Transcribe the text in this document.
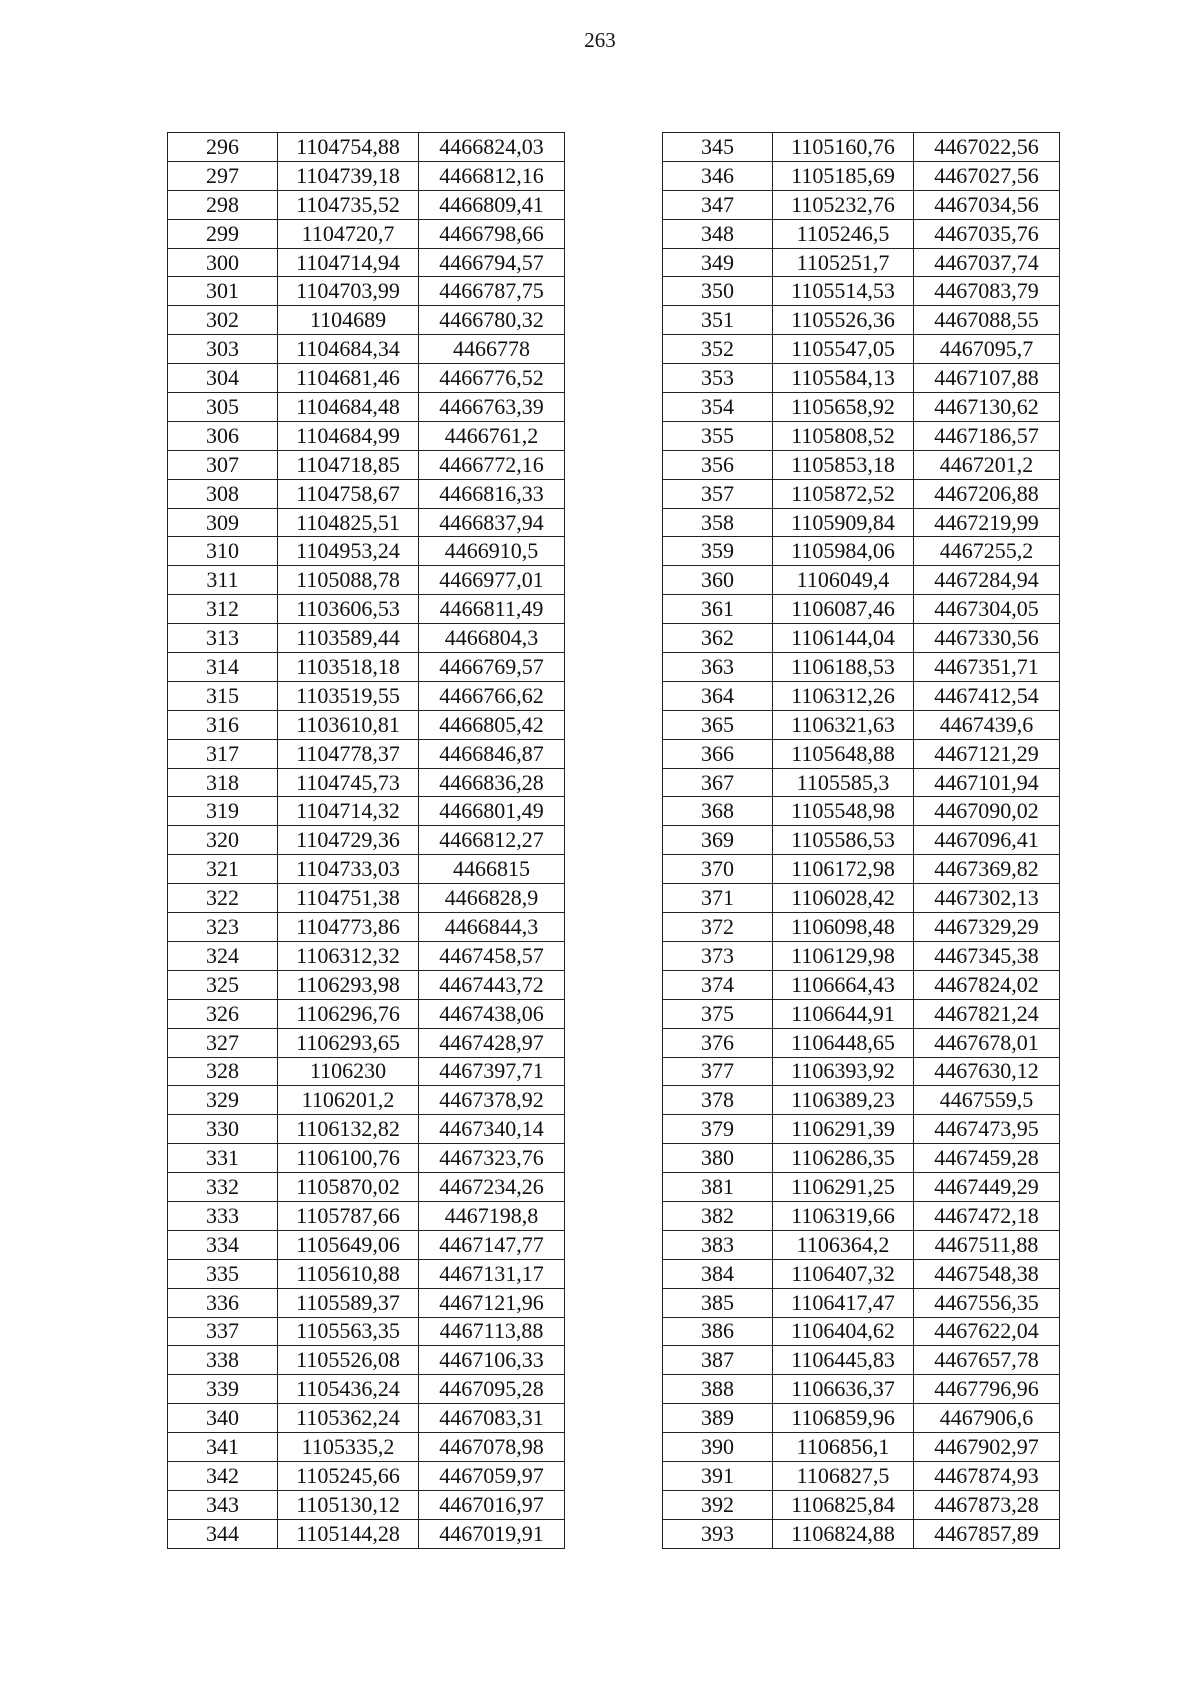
263
296	1104754,88	4466824,03
297	1104739,18	4466812,16
298	1104735,52	4466809,41
299	1104720,7	4466798,66
300	1104714,94	4466794,57
301	1104703,99	4466787,75
302	1104689	4466780,32
303	1104684,34	4466778
304	1104681,46	4466776,52
305	1104684,48	4466763,39
306	1104684,99	4466761,2
307	1104718,85	4466772,16
308	1104758,67	4466816,33
309	1104825,51	4466837,94
310	1104953,24	4466910,5
311	1105088,78	4466977,01
312	1103606,53	4466811,49
313	1103589,44	4466804,3
314	1103518,18	4466769,57
315	1103519,55	4466766,62
316	1103610,81	4466805,42
317	1104778,37	4466846,87
318	1104745,73	4466836,28
319	1104714,32	4466801,49
320	1104729,36	4466812,27
321	1104733,03	4466815
322	1104751,38	4466828,9
323	1104773,86	4466844,3
324	1106312,32	4467458,57
325	1106293,98	4467443,72
326	1106296,76	4467438,06
327	1106293,65	4467428,97
328	1106230	4467397,71
329	1106201,2	4467378,92
330	1106132,82	4467340,14
331	1106100,76	4467323,76
332	1105870,02	4467234,26
333	1105787,66	4467198,8
334	1105649,06	4467147,77
335	1105610,88	4467131,17
336	1105589,37	4467121,96
337	1105563,35	4467113,88
338	1105526,08	4467106,33
339	1105436,24	4467095,28
340	1105362,24	4467083,31
341	1105335,2	4467078,98
342	1105245,66	4467059,97
343	1105130,12	4467016,97
344	1105144,28	4467019,91
345	1105160,76	4467022,56
346	1105185,69	4467027,56
347	1105232,76	4467034,56
348	1105246,5	4467035,76
349	1105251,7	4467037,74
350	1105514,53	4467083,79
351	1105526,36	4467088,55
352	1105547,05	4467095,7
353	1105584,13	4467107,88
354	1105658,92	4467130,62
355	1105808,52	4467186,57
356	1105853,18	4467201,2
357	1105872,52	4467206,88
358	1105909,84	4467219,99
359	1105984,06	4467255,2
360	1106049,4	4467284,94
361	1106087,46	4467304,05
362	1106144,04	4467330,56
363	1106188,53	4467351,71
364	1106312,26	4467412,54
365	1106321,63	4467439,6
366	1105648,88	4467121,29
367	1105585,3	4467101,94
368	1105548,98	4467090,02
369	1105586,53	4467096,41
370	1106172,98	4467369,82
371	1106028,42	4467302,13
372	1106098,48	4467329,29
373	1106129,98	4467345,38
374	1106664,43	4467824,02
375	1106644,91	4467821,24
376	1106448,65	4467678,01
377	1106393,92	4467630,12
378	1106389,23	4467559,5
379	1106291,39	4467473,95
380	1106286,35	4467459,28
381	1106291,25	4467449,29
382	1106319,66	4467472,18
383	1106364,2	4467511,88
384	1106407,32	4467548,38
385	1106417,47	4467556,35
386	1106404,62	4467622,04
387	1106445,83	4467657,78
388	1106636,37	4467796,96
389	1106859,96	4467906,6
390	1106856,1	4467902,97
391	1106827,5	4467874,93
392	1106825,84	4467873,28
393	1106824,88	4467857,89
